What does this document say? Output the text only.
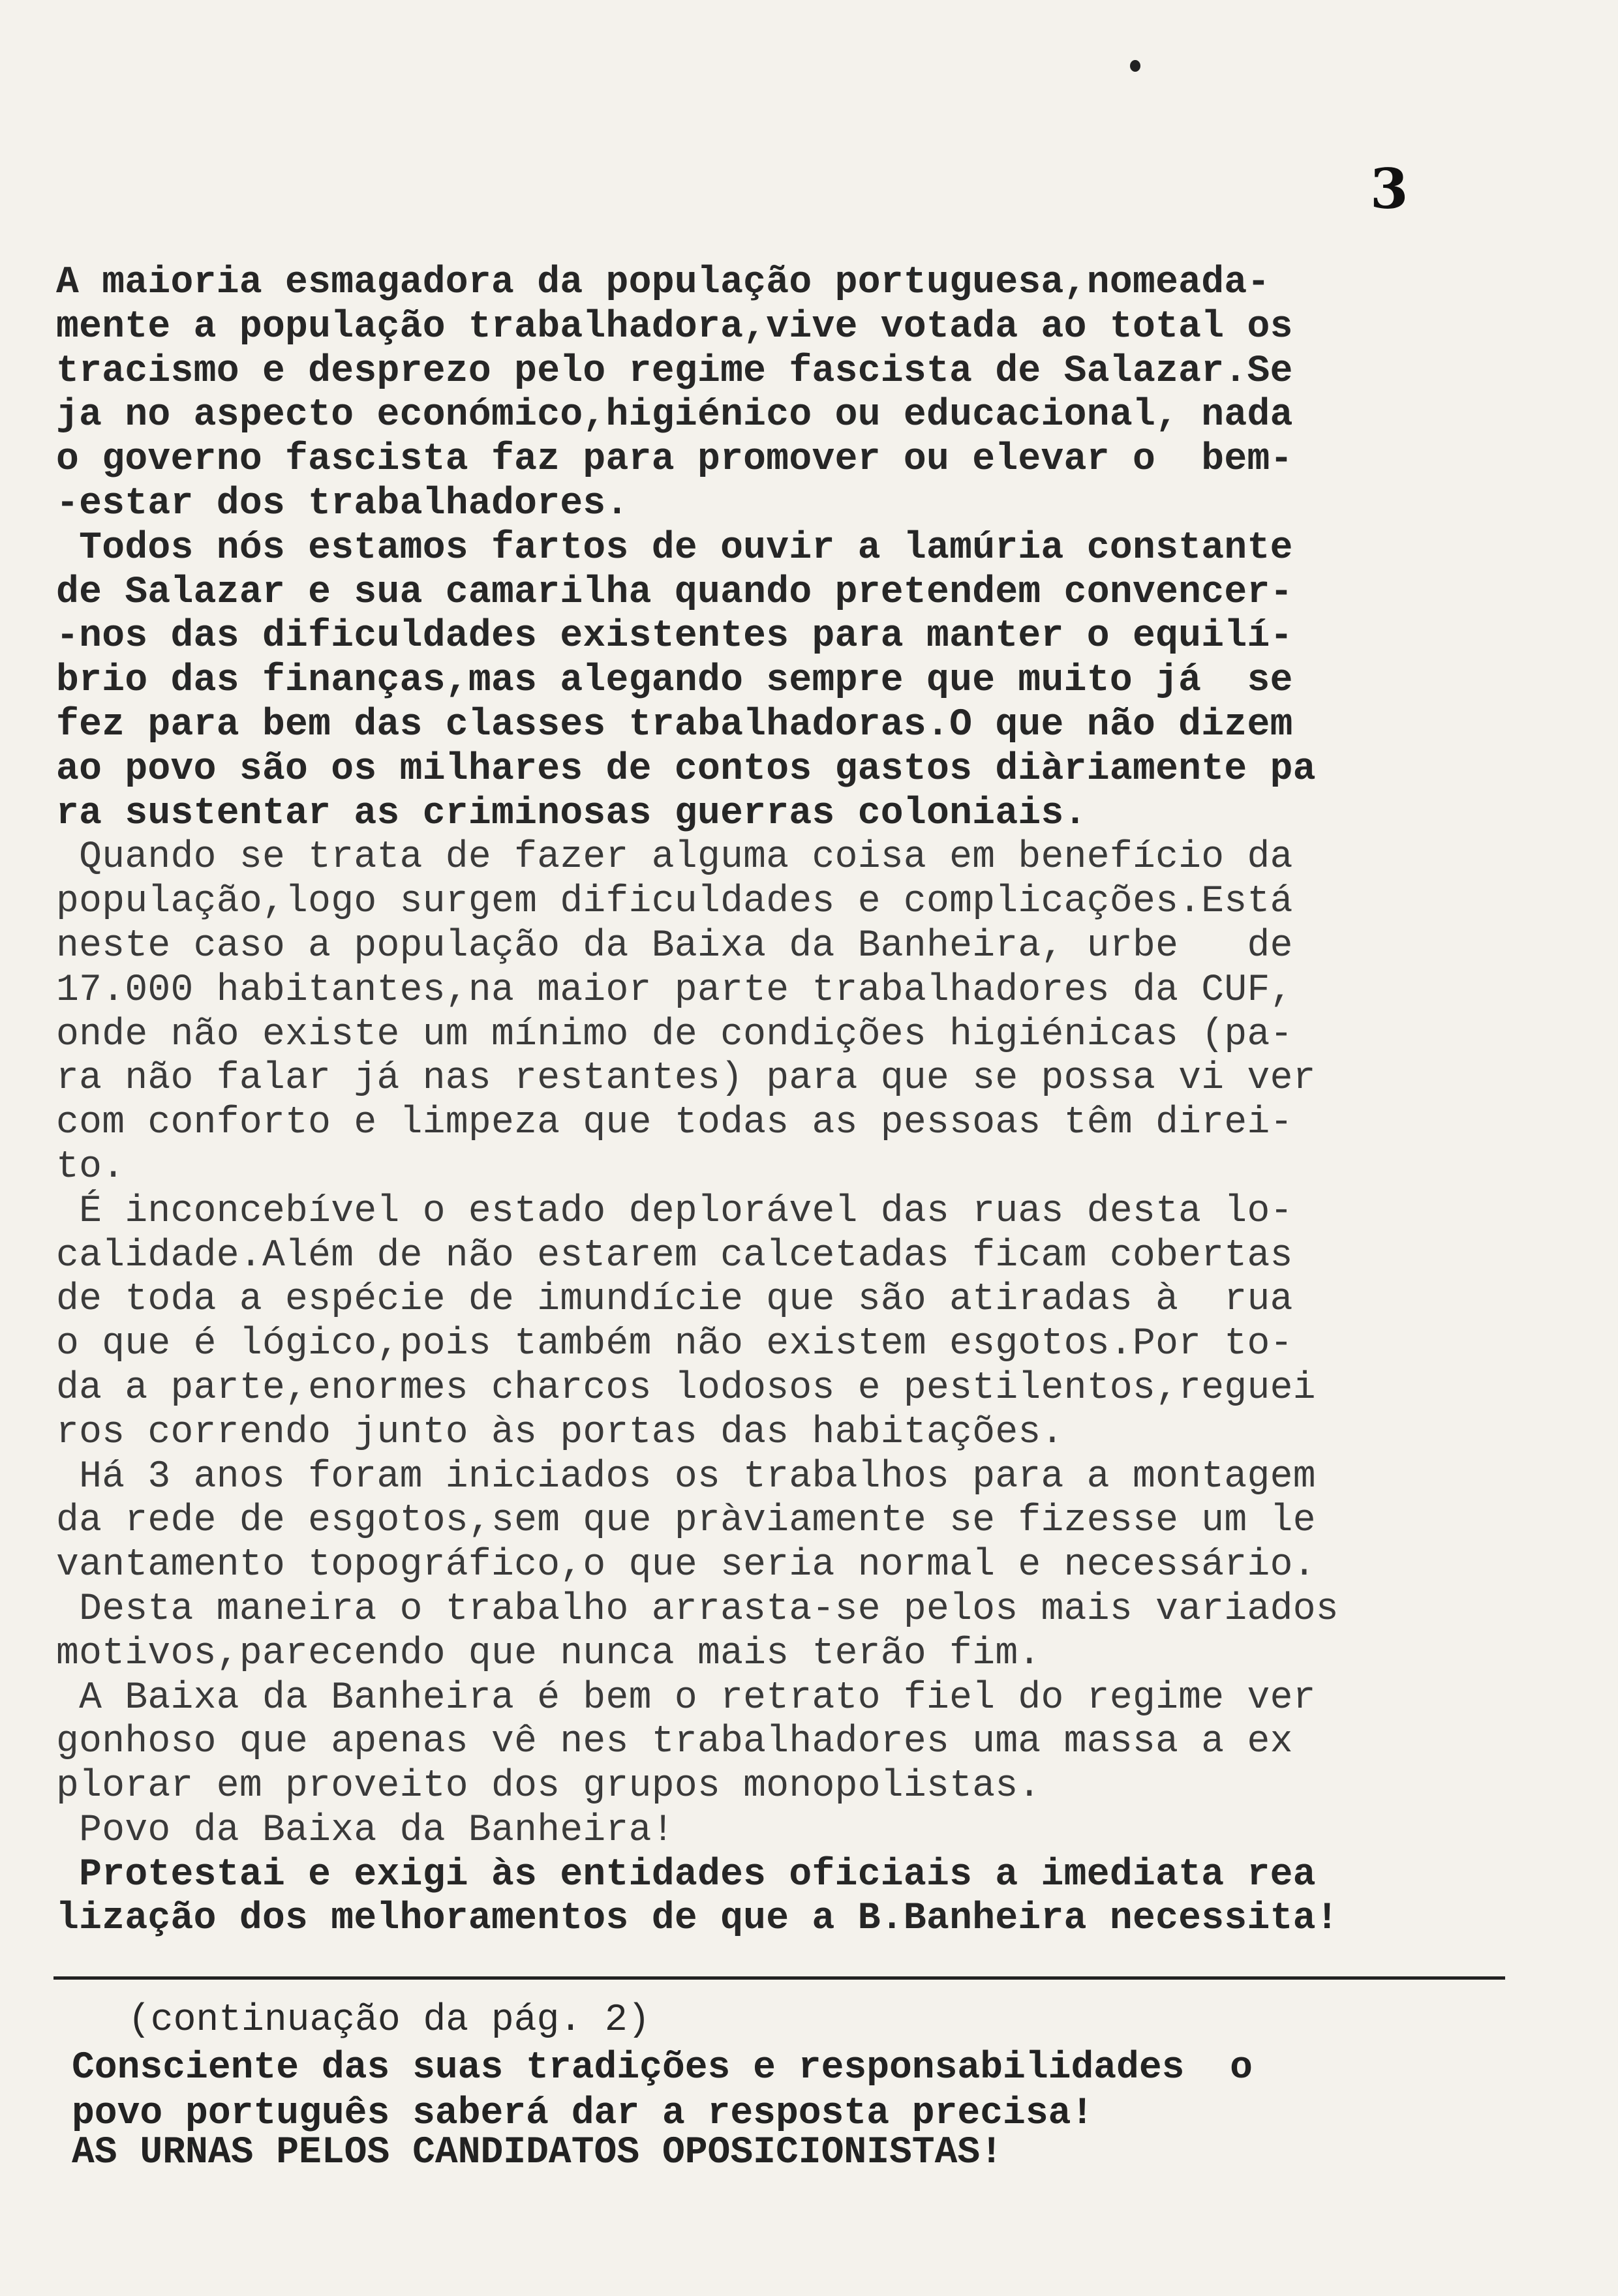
3
A maioria esmagadora da população portuguesa,nomeada-
mente a população trabalhadora,vive votada ao total os
tracismo e desprezo pelo regime fascista de Salazar.Se
ja no aspecto económico,higiénico ou educacional, nada
o governo fascista faz para promover ou elevar o  bem-
-estar dos trabalhadores.
Todos nós estamos fartos de ouvir a lamúria constante
de Salazar e sua camarilha quando pretendem convencer-
-nos das dificuldades existentes para manter o equilí-
brio das finanças,mas alegando sempre que muito já  se
fez para bem das classes trabalhadoras.O que não dizem
ao povo são os milhares de contos gastos diàriamente pa
ra sustentar as criminosas guerras coloniais.
Quando se trata de fazer alguma coisa em benefício da
população,logo surgem dificuldades e complicações.Está
neste caso a população da Baixa da Banheira, urbe   de
17.000 habitantes,na maior parte trabalhadores da CUF,
onde não existe um mínimo de condições higiénicas (pa-
ra não falar já nas restantes) para que se possa vi ver
com conforto e limpeza que todas as pessoas têm direi-
to.
É inconcebível o estado deplorável das ruas desta lo-
calidade.Além de não estarem calcetadas ficam cobertas
de toda a espécie de imundície que são atiradas à  rua
o que é lógico,pois também não existem esgotos.Por to-
da a parte,enormes charcos lodosos e pestilentos,reguei
ros correndo junto às portas das habitações.
Há 3 anos foram iniciados os trabalhos para a montagem
da rede de esgotos,sem que pràviamente se fizesse um le
vantamento topográfico,o que seria normal e necessário.
Desta maneira o trabalho arrasta-se pelos mais variados
motivos,parecendo que nunca mais terão fim.
A Baixa da Banheira é bem o retrato fiel do regime ver
gonhoso que apenas vê nes trabalhadores uma massa a ex
plorar em proveito dos grupos monopolistas.
Povo da Baixa da Banheira!
Protestai e exigi às entidades oficiais a imediata rea
lização dos melhoramentos de que a B.Banheira necessita!
(continuação da pág. 2)
Consciente das suas tradições e responsabilidades  o
povo português saberá dar a resposta precisa!
AS URNAS PELOS CANDIDATOS OPOSICIONISTAS!
